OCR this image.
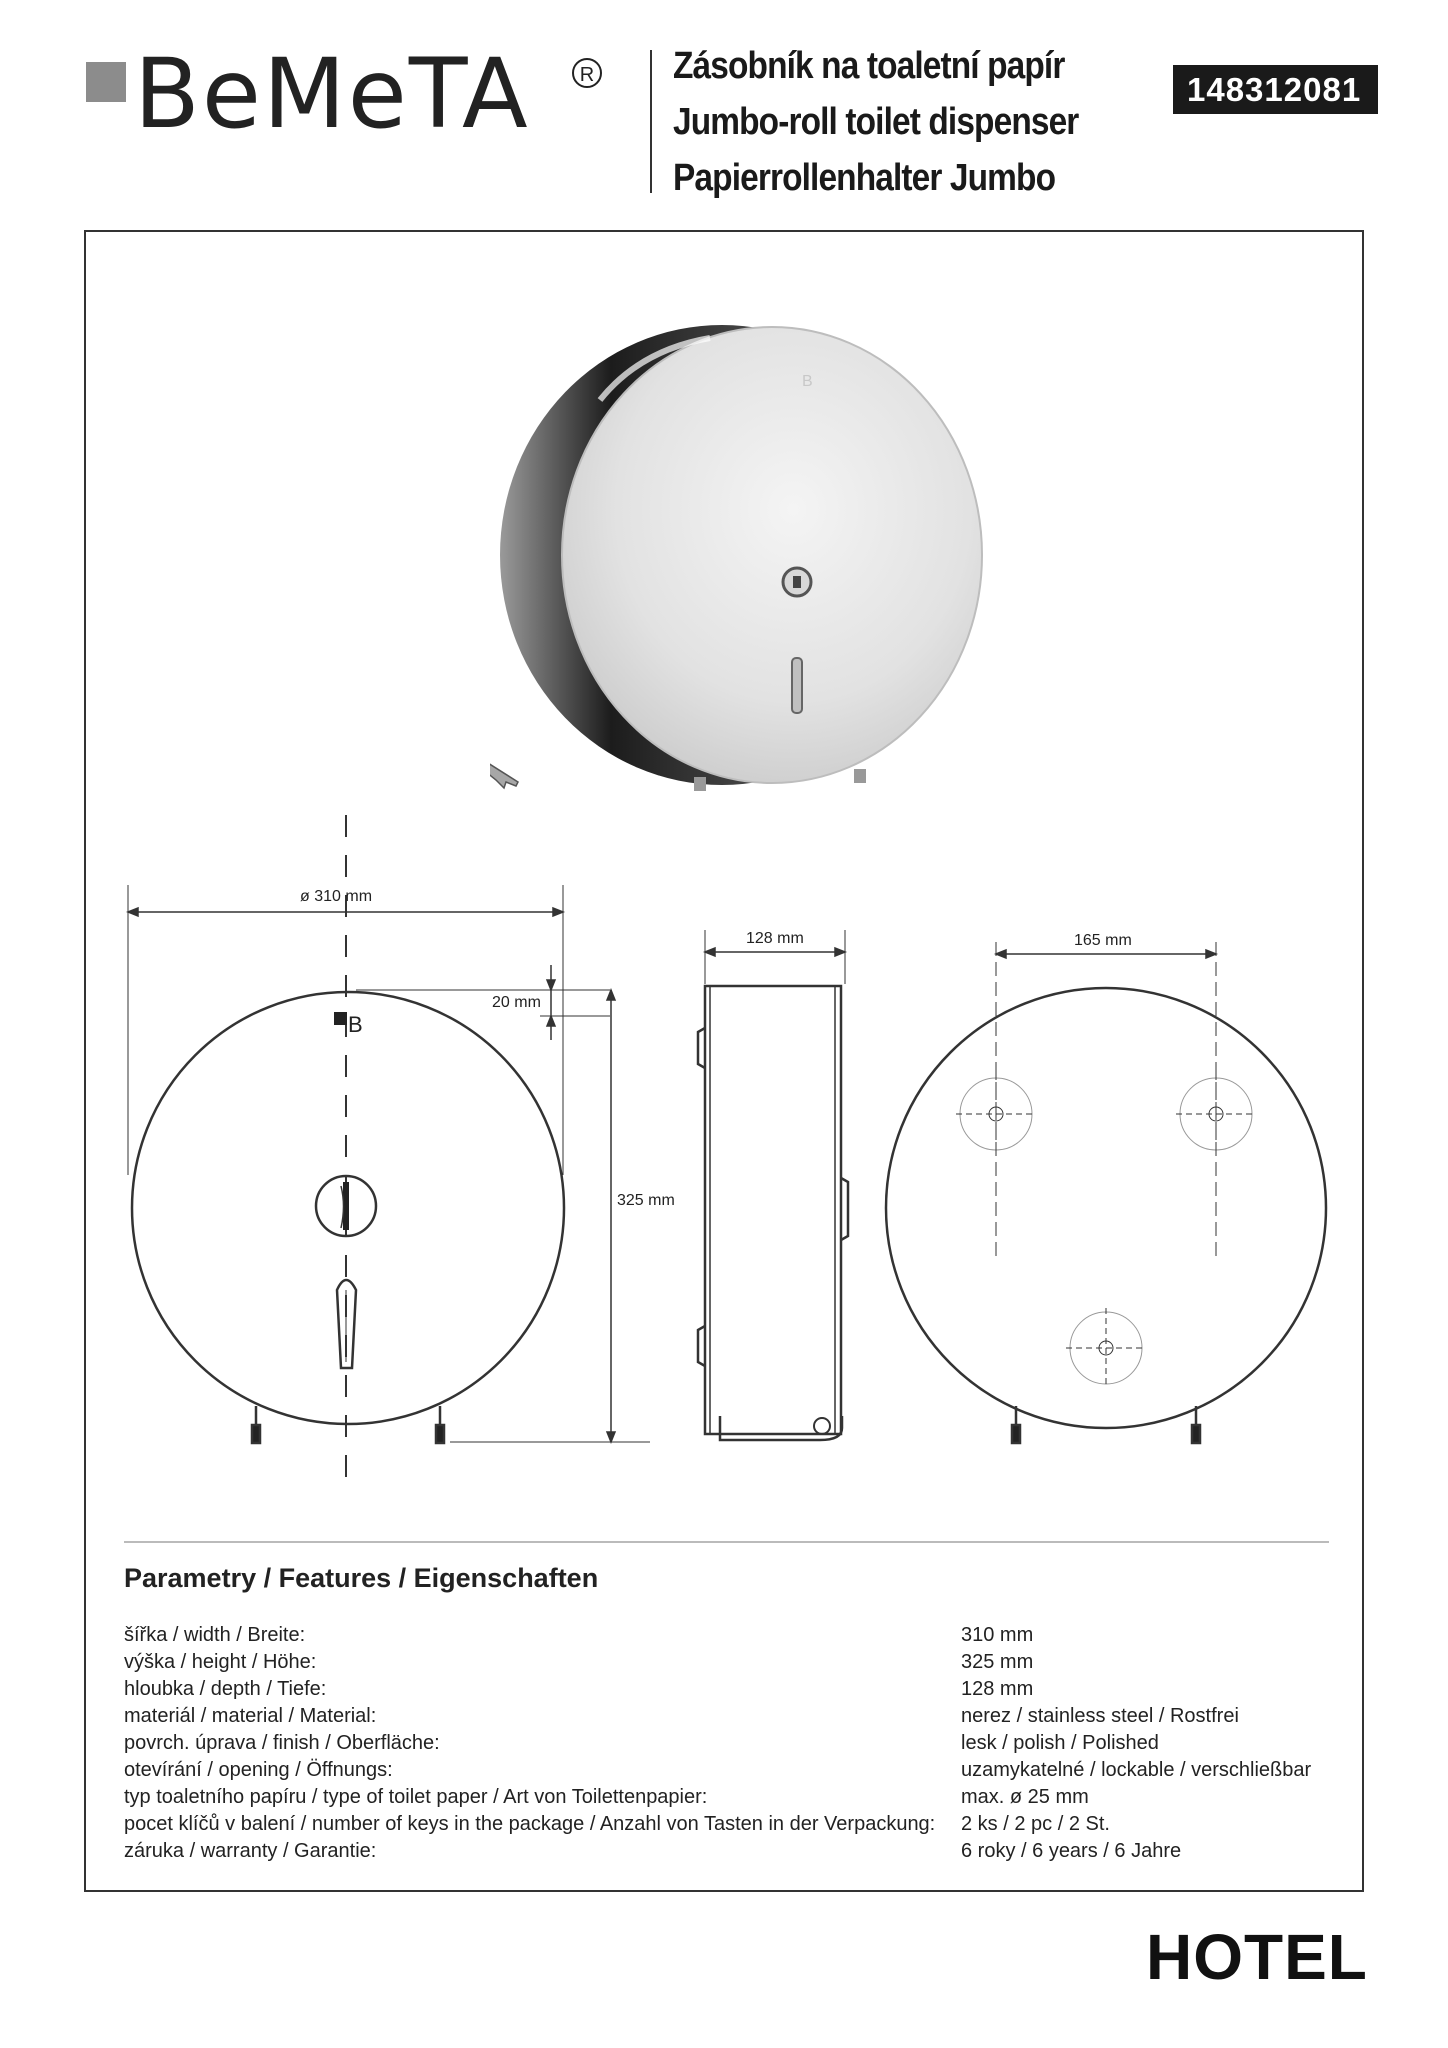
BeMeTA	R Zásobník na toaletní papír
Jumbo-roll toilet dispenser
Papierrollenhalter Jumbo
148312081
B
ø 310 mm
20 mm
325 mm
128 mm	165 mm
B
Parametry / Features / Eigenschaften
šířka / width / Breite:	310 mm
výška / height / Höhe:	325 mm
hloubka / depth / Tiefe:	128 mm
materiál / material / Material:	nerez / stainless steel / Rostfrei
povrch. úprava / finish / Oberfläche:	lesk / polish / Polished
otevírání / opening / Öffnungs:	uzamykatelné / lockable / verschließbar
typ toaletního papíru / type of toilet paper / Art von Toilettenpapier:	max. ø 25 mm
pocet klíčů v balení / number of keys in the package / Anzahl von Tasten in der Verpackung: 2 ks / 2 pc / 2 St.
záruka / warranty / Garantie:	6 roky / 6 years / 6 Jahre
HOTEL
